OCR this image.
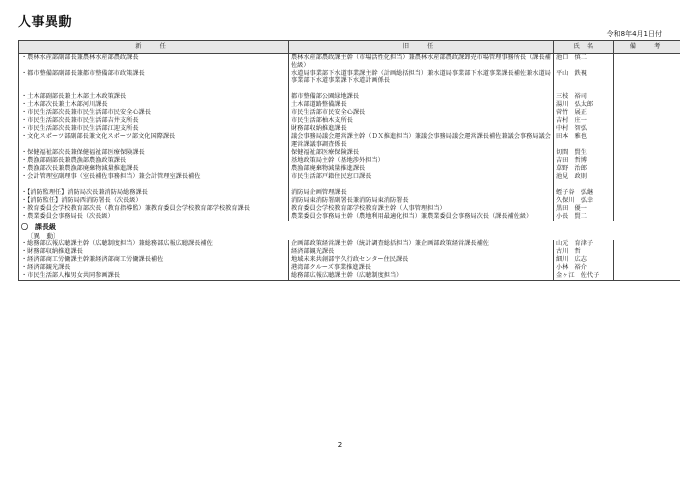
人事異動
令和8年4月1日付
新　任	旧　任	氏　名	備　考
・農林水産部副部長兼農林水産部農政課長	農林水産部農政課主幹（市場活性化担当）兼農林水産部農政課卸売市場管理事務所長（課長補佐級）	池口　慎二	
・都市整備部副部長兼都市整備部市政策課長	水道局事業部下水道事業課主幹（計画総括担当）兼水道局事業部下水道事業課長補佐兼水道局事業部下水道事業課下水道計画係長	平山　鉄視	

・土木部副部長兼土木部土木政策課長	都市整備部公園緑地課長	三枝　裕司	
・土木部次長兼土木部河川課長	土木部道路整備課長	湯川　弘太郎	
・市民生活部次長兼市民生活部市民安全心課長	市民生活部市民安全心課長	菅竹　展正	
・市民生活部次長兼市民生活部吉井支所長	市民生活部柚木支所長	吉村　庄一	
・市民生活部次長兼市民生活部江迎支所長	財務部収納推進課長	中村　智弘	
・文化スポーツ部副部長兼文化スポーツ部文化国際課長	議会事務局議会運営課主幹（ＤＸ推進担当）兼議会事務局議会運営課長補佐兼議会事務局議会運営課議事調査係長	田本　雅也	
・保健福祉部次長兼保健福祉部医療保険課長	保健福祉部医療保険課長	切間　賢生	
・農漁部副部長兼農漁部農漁政策課長	基地政策局主幹（基地渉外担当）	吉田　哲博	
・農漁部次長兼農漁部廃棄物減量推進課長	農漁部廃棄物減量推進課長	草野　治郎	
・会計管理室副理事（室長補佐事務担当）兼会計管理室課長補佐	市民生活部戸籍住民窓口課長	池見　政則	

・【消防監理任】消防局次長兼消防局総務課長	消防局企画管理課長	蛭子谷　弘継	
・【消防監任】消防局西消防署長（次長級）	消防局東消防署副署長兼消防局東消防署長	久保川　弘幸	
・教育委員会学校教育部次長（教育指導監）兼教育委員会学校教育部学校教育課長	教育委員会学校教育部学校教育課主幹（人事管理担当）	黒田　優一	
・農業委員会事務局長（次長級）	農業委員会事務局主幹（農地利用最適化担当）兼農業委員会事務局次長（課長補佐級）	小長　賢二	
〇　課長級			
〔異　動〕			
・総務部広報広聴課主幹（広聴制度担当）兼総務部広報広聴課長補佐	企画部政策経営課主幹（統計調査総括担当）兼企画部政策経営課長補佐	山元　育津子	
・財務部収納推進課長	経済部観光課長	古川　哲	
・経済部商工労働課主幹兼経済部商工労働課長補佐	地域未来共創部宇久行政センター住民課長	細川　広志	
・経済部観光課長	港湾部クルーズ事業推進課長	小林　裕介	
・市民生活部人権男女共同参画課長	総務部広報広聴課主幹（広聴制度担当）	金ヶ江　佐代子	
2
